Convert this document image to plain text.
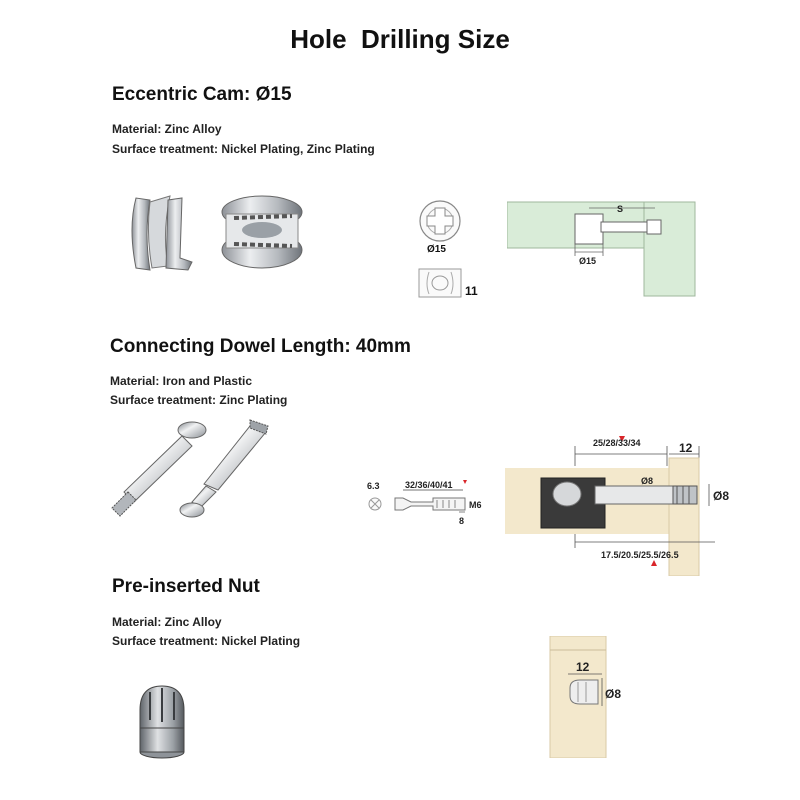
Hole  Drilling Size
Eccentric Cam: Ø15
Material: Zinc Alloy
Surface treatment: Nickel Plating, Zinc Plating
Ø15
11
S
Ø15
Connecting Dowel Length: 40mm
Material: Iron and Plastic
Surface treatment: Zinc Plating
6.3	32/36/40/41
M6
8
25/28/33/34	12
Ø8
Ø8
17.5/20.5/25.5/26.5
Pre-inserted Nut
Material: Zinc Alloy
Surface treatment: Nickel Plating
12
Ø8
